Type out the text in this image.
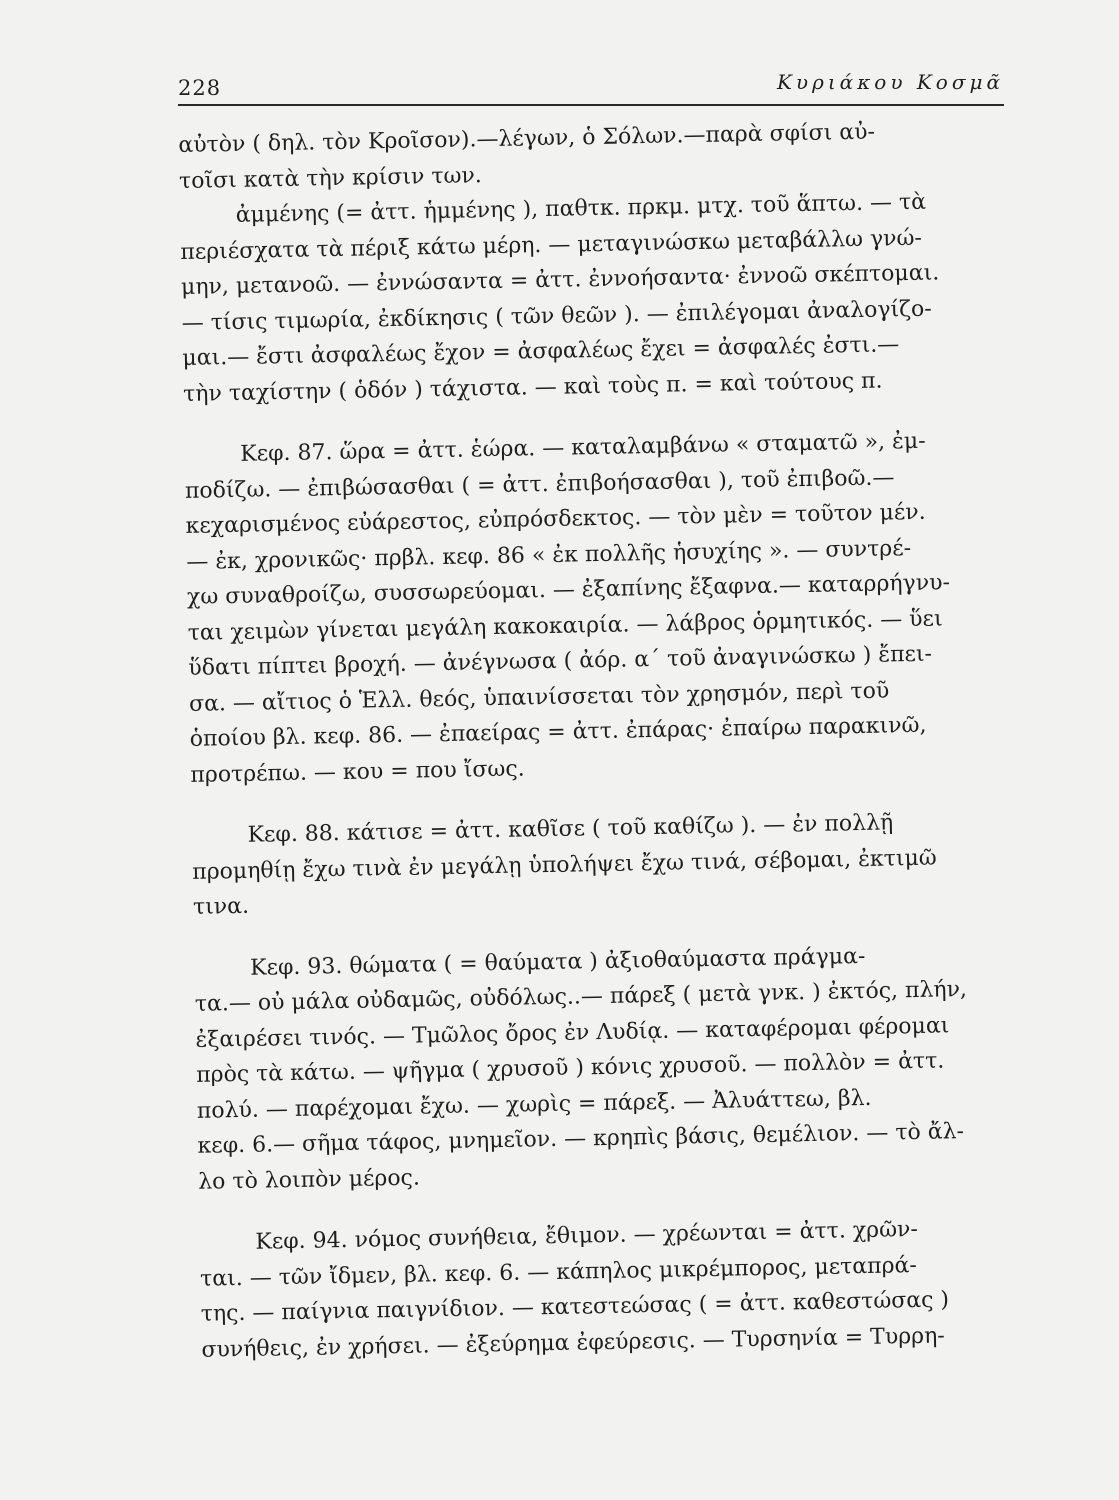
228	Κυριάκου Κοσμᾶ
αὐτὸν ( δηλ. τὸν Κροῖσον).—λέγων, ὁ Σόλων.—παρὰ σφίσι αὐ-
τοῖσι κατὰ τὴν κρίσιν των.
ἀμμένης (= ἀττ. ἡμμένης ), παθτκ. πρκμ. μτχ. τοῦ ἅπτω. — τὰ
περιέσχατα τὰ πέριξ κάτω μέρη. — μεταγινώσκω μεταβάλλω γνώ-
μην, μετανοῶ. — ἐννώσαντα = ἀττ. ἐννοήσαντα· ἐννοῶ σκέπτομαι.
— τίσις τιμωρία, ἐκδίκησις ( τῶν θεῶν ). — ἐπιλέγομαι ἀναλογίζο-
μαι.— ἔστι ἀσφαλέως ἔχον = ἀσφαλέως ἔχει = ἀσφαλές ἐστι.—
τὴν ταχίστην ( ὁδόν ) τάχιστα. — καὶ τοὺς π. = καὶ τούτους π.
Κεφ. 87. ὥρα = ἀττ. ἑώρα. — καταλαμβάνω « σταματῶ », ἐμ-
ποδίζω. — ἐπιβώσασθαι ( = ἀττ. ἐπιβοήσασθαι ), τοῦ ἐπιβοῶ.—
κεχαρισμένος εὐάρεστος, εὐπρόσδεκτος. — τὸν μὲν = τοῦτον μέν.
— ἐκ, χρονικῶς· πρβλ. κεφ. 86 « ἐκ πολλῆς ἡσυχίης ». — συντρέ-
χω συναθροίζω, συσσωρεύομαι. — ἐξαπίνης ἔξαφνα.— καταρρήγνυ-
ται χειμὼν γίνεται μεγάλη κακοκαιρία. — λάβρος ὁρμητικός. — ὕει
ὕδατι πίπτει βροχή. — ἀνέγνωσα ( ἀόρ. α΄ τοῦ ἀναγινώσκω ) ἔπει-
σα. — αἴτιος ὁ Ἑλλ. θεός, ὑπαινίσσεται τὸν χρησμόν, περὶ τοῦ
ὁποίου βλ. κεφ. 86. — ἐπαείρας = ἀττ. ἐπάρας· ἐπαίρω παρακινῶ,
προτρέπω. — κου = που ἴσως.
Κεφ. 88. κάτισε = ἀττ. καθῖσε ( τοῦ καθίζω ). — ἐν πολλῇ
προμηθίῃ ἔχω τινὰ ἐν μεγάλῃ ὑπολήψει ἔχω τινά, σέβομαι, ἐκτιμῶ
τινα.
Κεφ. 93. θώματα ( = θαύματα ) ἀξιοθαύμαστα πράγμα-
τα.— οὐ μάλα οὐδαμῶς, οὐδόλως..— πάρεξ ( μετὰ γνκ. ) ἐκτός, πλήν,
ἐξαιρέσει τινός. — Τμῶλος ὄρος ἐν Λυδίᾳ. — καταφέρομαι φέρομαι
πρὸς τὰ κάτω. — ψῆγμα ( χρυσοῦ ) κόνις χρυσοῦ. — πολλὸν = ἀττ.
πολύ. — παρέχομαι ἔχω. — χωρὶς = πάρεξ. — Ἀλυάττεω, βλ.
κεφ. 6.— σῆμα τάφος, μνημεῖον. — κρηπὶς βάσις, θεμέλιον. — τὸ ἄλ-
λο τὸ λοιπὸν μέρος.
Κεφ. 94. νόμος συνήθεια, ἔθιμον. — χρέωνται = ἀττ. χρῶν-
ται. — τῶν ἴδμεν, βλ. κεφ. 6. — κάπηλος μικρέμπορος, μεταπρά-
της. — παίγνια παιγνίδιον. — κατεστεώσας ( = ἀττ. καθεστώσας )
συνήθεις, ἐν χρήσει. — ἐξεύρημα ἐφεύρεσις. — Τυρσηνία = Τυρρη-
